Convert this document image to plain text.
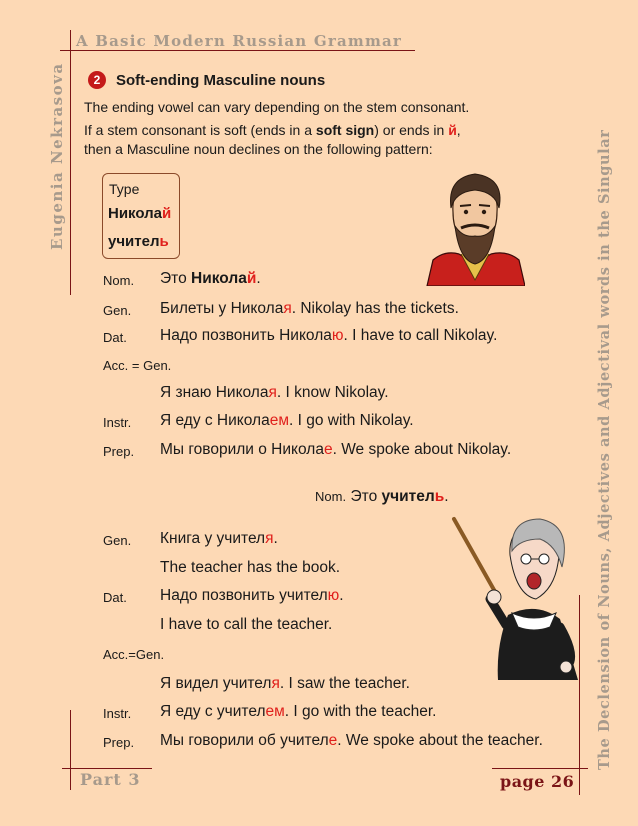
A Basic Modern Russian Grammar
Eugenia Nekrasova	The Declension of Nouns, Adjectives and Adjectival words in the Singular
Part 3	page 26
2	Soft-ending Masculine nouns
The ending vowel can vary depending on the stem consonant.
If a stem consonant is soft (ends in a soft sign) or ends in й,
then a Masculine noun declines on the following pattern:
Type
Николай
учитель
Nom. Это Николай.
Gen. Билеты у Николая. Nikolay has the tickets.
Dat. Надо позвонить Николаю. I have to call Nikolay.
Acc. = Gen.
Я знаю Николая. I know Nikolay.
Instr. Я еду с Николаем. I go with Nikolay.
Prep. Мы говорили о Николае. We spoke about Nikolay.
Nom. Это учитель.
Gen. Книга у учителя.
The teacher has the book.
Dat. Надо позвонить учителю.
I have to call the teacher.
Acc.=Gen.
Я видел учителя. I saw the teacher.
Instr. Я еду с учителем. I go with the teacher.
Prep. Мы говорили об учителе. We spoke about the teacher.
